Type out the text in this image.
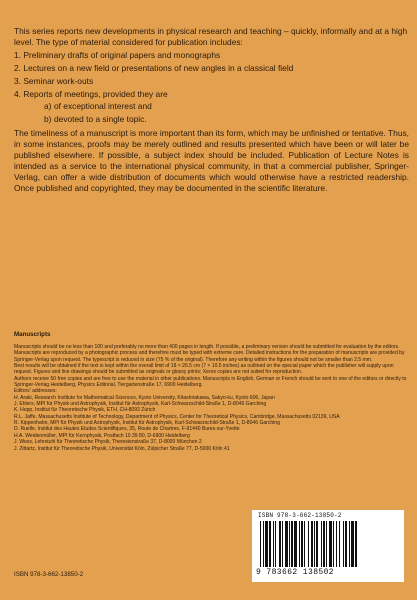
This series reports new developments in physical research and teaching – quickly, informally and at a high level. The type of material considered for publication includes:

1. Preliminary drafts of original papers and monographs
2. Lectures on a new field or presentations of new angles in a classical field
3. Seminar work-outs
4. Reports of meetings, provided they are
a) of exceptional interest and
b) devoted to a single topic.

The timeliness of a manuscript is more important than its form, which may be unfinished or tentative. Thus, in some instances, proofs may be merely outlined and results presented which have been or will later be published elsewhere. If possible, a subject index should be included. Publication of Lecture Notes is intended as a service to the international physical community, in that a commercial publisher, Springer-Verlag, can offer a wide distribution of documents which would otherwise have a restricted readership. Once published and copyrighted, they may be documented in the scientific literature.

Manuscripts

Manuscripts should be no less than 100 and preferably no more than 400 pages in length. If possible, a preliminary version should be submitted for evaluation by the editors.

Manuscripts are reproduced by a photographic process and therefore must be typed with extreme care. Detailed instructions for the preparation of manuscripts are provided by Springer-Verlag upon request. The typescript is reduced in size (75 % of the original). Therefore any writing within the figures should not be smaller than 2.5 mm.

Best results will be obtained if the text is kept within the overall limit of 18 × 26.5 cm (7 × 10.5 inches) as outlined on the special paper which the publisher will supply upon request. Figures and line drawings should be submitted as originals or glossy prints; Xerox copies are not suited for reproduction.

Authors receive 50 free copies and are free to use the material in other publications. Manuscripts in English, German or French should be sent to one of the editors or directly to Springer-Verlag Heidelberg, Physics Editorial, Tiergartenstraße 17, 6900 Heidelberg.

Editors' addresses:

H. Araki, Research Institute for Mathematical Sciences, Kyoto University, Kitashirakawa, Sakyo-ku, Kyoto 606, Japan

J. Ehlers, MPI für Physik und Astrophysik, Institut für Astrophysik, Karl-Schwarzschild-Straße 1, D-8046 Garching

K. Hepp, Institut für Theoretische Physik, ETH, CH-8093 Zürich

R.L. Jaffe, Massachusetts Institute of Technology, Department of Physics, Center for Theoretical Physics, Cambridge, Massachusetts 02139, USA

R. Kippenhahn, MPI für Physik und Astrophysik, Institut für Astrophysik, Karl-Schwarzschild-Straße 1, D-8046 Garching

D. Ruelle, Institut des Hautes Etudes Scientifiques, 35, Route de Chartres, F-91440 Bures-sur-Yvette

H.A. Weidenmüller, MPI für Kernphysik, Postfach 10 39 80, D-6900 Heidelberg

J. Wess, Lehrstuhl für Theoretische Physik, Theresienstraße 37, D-8000 München 2

J. Zittartz, Institut für Theoretische Physik, Universität Köln, Zülpicher Straße 77, D-5000 Köln 41

ISBN 978-3-662-13850-2
9 783662 138502
ISBN 978-3-662-13850-2
